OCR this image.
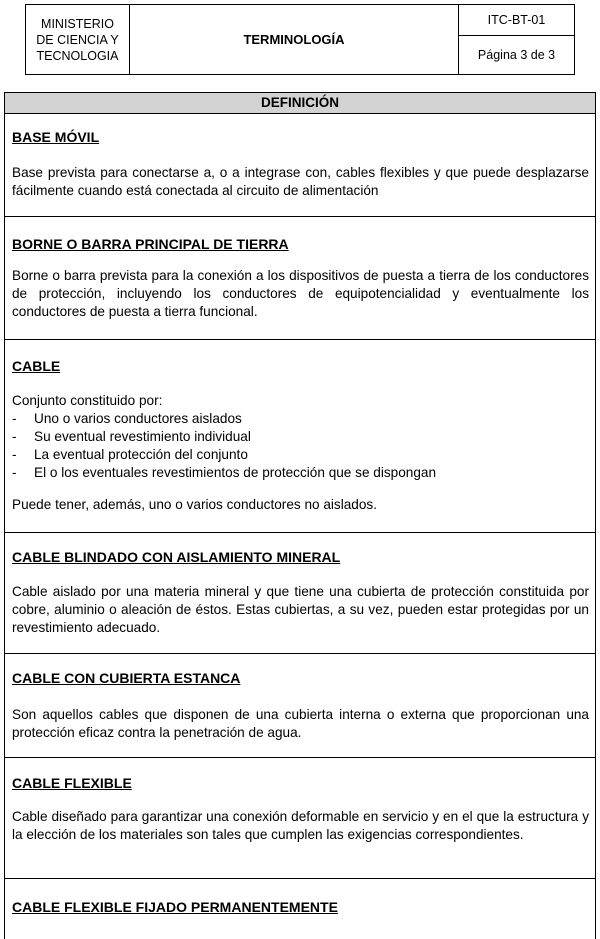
MINISTERIO
DE CIENCIA Y
TECNOLOGIA
TERMINOLOGÍA
ITC-BT-01
Página 3 de 3
DEFINICIÓN
BASE MÓVIL
Base prevista para conectarse a, o a integrase con, cables flexibles y que puede desplazarse fácilmente cuando está conectada al circuito de alimentación
BORNE O BARRA PRINCIPAL DE TIERRA
Borne o barra prevista para la conexión a los dispositivos de puesta a tierra de los conductores de protección, incluyendo los conductores de equipotencialidad y eventualmente los conductores de puesta a tierra funcional.
CABLE
Conjunto constituido por:
- Uno o varios conductores aislados
- Su eventual revestimiento individual
- La eventual protección del conjunto
- El o los eventuales revestimientos de protección que se dispongan

Puede tener, además, uno o varios conductores no aislados.

CABLE BLINDADO CON AISLAMIENTO MINERAL
Cable aislado por una materia mineral y que tiene una cubierta de protección constituida por cobre, aluminio o aleación de éstos. Estas cubiertas, a su vez, pueden estar protegidas por un revestimiento adecuado.
CABLE CON CUBIERTA ESTANCA
Son aquellos cables que disponen de una cubierta interna o externa que proporcionan una protección eficaz contra la penetración de agua.
CABLE FLEXIBLE
Cable diseñado para garantizar una conexión deformable en servicio y en el que la estructura y la elección de los materiales son tales que cumplen las exigencias correspondientes.
CABLE FLEXIBLE FIJADO PERMANENTEMENTE
